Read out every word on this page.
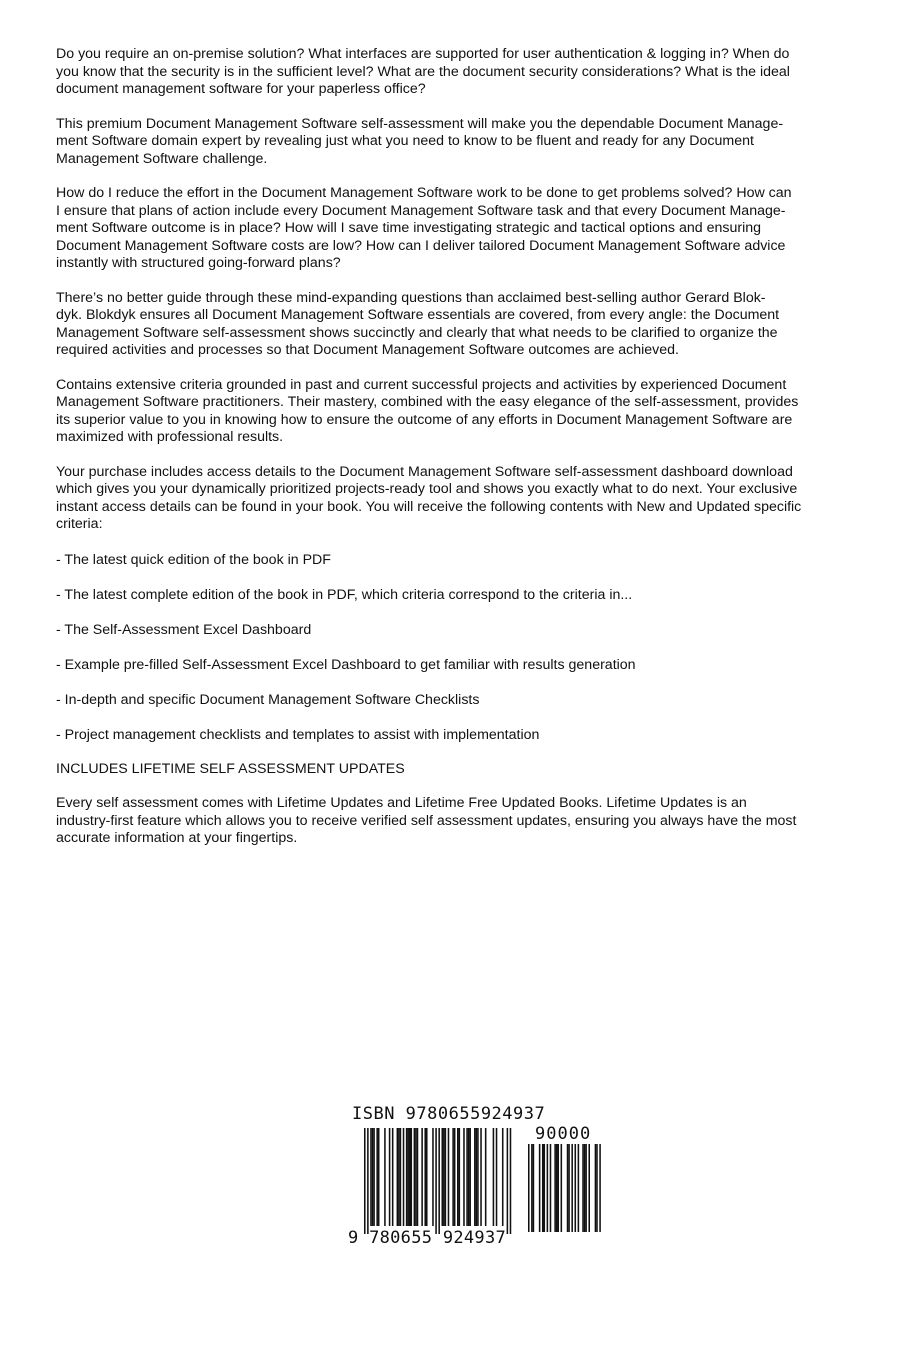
Do you require an on-premise solution? What interfaces are supported for user authentication & logging in? When do
you know that the security is in the sufficient level? What are the document security considerations? What is the ideal
document management software for your paperless office?

This premium Document Management Software self-assessment will make you the dependable Document Manage-
ment Software domain expert by revealing just what you need to know to be fluent and ready for any Document
Management Software challenge.

How do I reduce the effort in the Document Management Software work to be done to get problems solved? How can
I ensure that plans of action include every Document Management Software task and that every Document Manage-
ment Software outcome is in place? How will I save time investigating strategic and tactical options and ensuring
Document Management Software costs are low? How can I deliver tailored Document Management Software advice
instantly with structured going-forward plans?

There’s no better guide through these mind-expanding questions than acclaimed best-selling author Gerard Blok-
dyk. Blokdyk ensures all Document Management Software essentials are covered, from every angle: the Document
Management Software self-assessment shows succinctly and clearly that what needs to be clarified to organize the
required activities and processes so that Document Management Software outcomes are achieved.

Contains extensive criteria grounded in past and current successful projects and activities by experienced Document
Management Software practitioners. Their mastery, combined with the easy elegance of the self-assessment, provides
its superior value to you in knowing how to ensure the outcome of any efforts in Document Management Software are
maximized with professional results.

Your purchase includes access details to the Document Management Software self-assessment dashboard download
which gives you your dynamically prioritized projects-ready tool and shows you exactly what to do next. Your exclusive
instant access details can be found in your book. You will receive the following contents with New and Updated specific
criteria:

- The latest quick edition of the book in PDF
- The latest complete edition of the book in PDF, which criteria correspond to the criteria in...
- The Self-Assessment Excel Dashboard
- Example pre-filled Self-Assessment Excel Dashboard to get familiar with results generation
- In-depth and specific Document Management Software Checklists
- Project management checklists and templates to assist with implementation

INCLUDES LIFETIME SELF ASSESSMENT UPDATES

Every self assessment comes with Lifetime Updates and Lifetime Free Updated Books. Lifetime Updates is an
industry-first feature which allows you to receive verified self assessment updates, ensuring you always have the most
accurate information at your fingertips.

ISBN 9780655924937
90000
9 780655 924937
